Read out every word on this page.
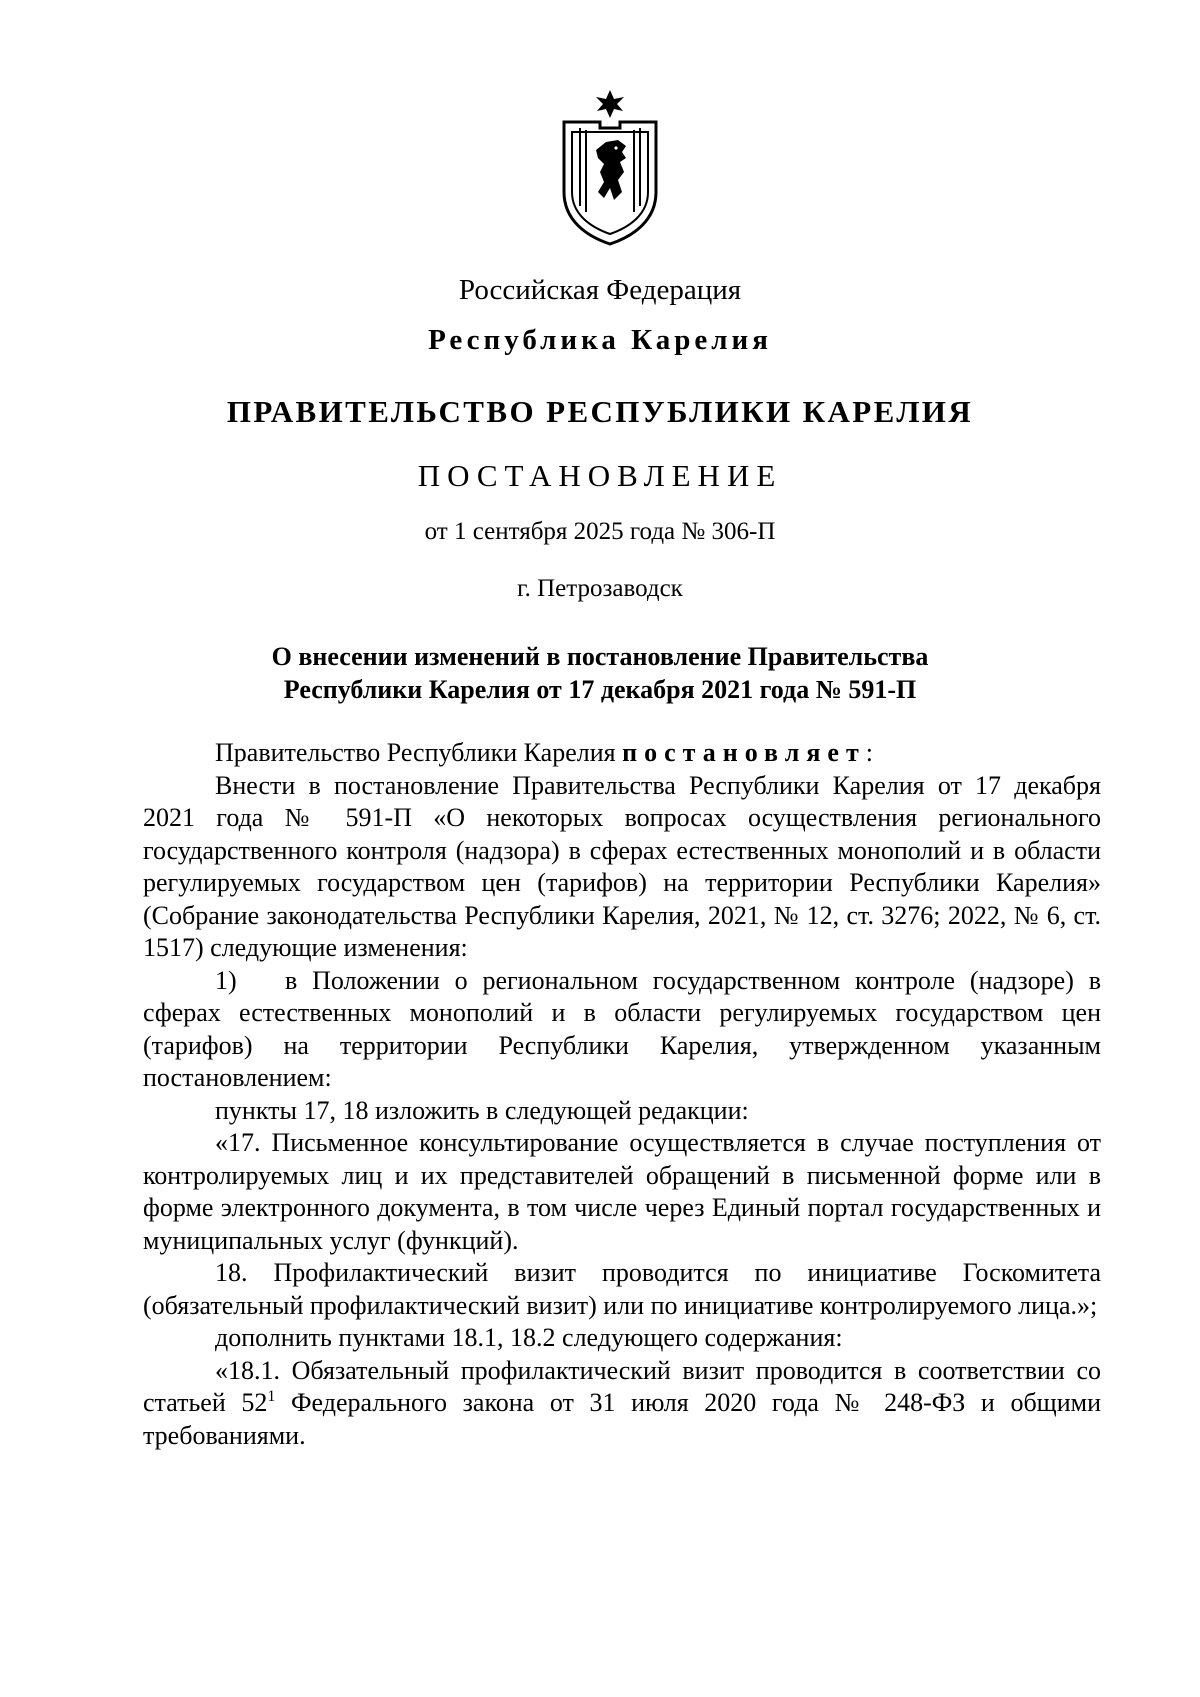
Российская Федерация
Республика Карелия
ПРАВИТЕЛЬСТВО РЕСПУБЛИКИ КАРЕЛИЯ
ПОСТАНОВЛЕНИЕ
от 1 сентября 2025 года № 306-П
г. Петрозаводск
О внесении изменений в постановление Правительства
Республики Карелия от 17 декабря 2021 года № 591-П

Правительство Республики Карелия постановляет:

Внести в постановление Правительства Республики Карелия от 17 декабря 2021 года № 591-П «О некоторых вопросах осуществления регионального государственного контроля (надзора) в сферах естественных монополий и в области регулируемых государством цен (тарифов) на территории Республики Карелия» (Собрание законодательства Республики Карелия, 2021, № 12, ст. 3276; 2022, № 6, ст. 1517) следующие изменения:

1) в Положении о региональном государственном контроле (надзоре) в сферах естественных монополий и в области регулируемых государством цен (тарифов) на территории Республики Карелия, утвержденном указанным постановлением:

пункты 17, 18 изложить в следующей редакции:

«17. Письменное консультирование осуществляется в случае поступления от контролируемых лиц и их представителей обращений в письменной форме или в форме электронного документа, в том числе через Единый портал государственных и муниципальных услуг (функций).

18. Профилактический визит проводится по инициативе Госкомитета (обязательный профилактический визит) или по инициативе контролируемого лица.»;

дополнить пунктами 18.1, 18.2 следующего содержания:

«18.1. Обязательный профилактический визит проводится в соответствии со статьей $52^1$ Федерального закона от 31 июля 2020 года № 248-ФЗ и общими требованиями.
